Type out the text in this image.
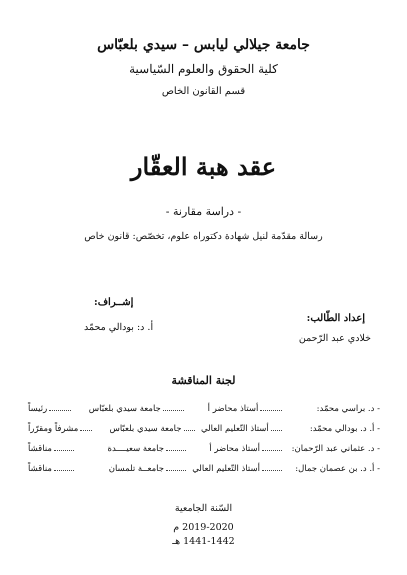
جامعة جيلالي ليابس – سيدي بلعبّاس
كلية الحقوق والعلوم السّياسية
قسم القانون الخاص
عقد هبة العقّار
- دراسة مقارنة -
رسالة مقدّمة لنيل شهادة دكتوراه علوم، تخصّص: قانون خاص
إعداد الطّالب:
خلادي عبد الرّحمن
إشــراف:
أ. د: بودالي محمّد
لجنة المناقشة
- د. براسي محمّد:
أستاذ محاضر أ
جامعة سيدي بلعبّاس
رئيساً
- أ. د. بودالي محمّد:
أستاذ التّعليم العالي
جامعة سيدي بلعبّاس
مشرفاً ومقرّراً
- د. عثماني عبد الرّحمان:
أستاذ محاضر أ
جامعة سعيــــدة
مناقشاً
- أ. د. بن عصمان جمال:
أستاذ التّعليم العالي
جامعــة تلمسان
مناقشاً
السّنة الجامعية
2019-2020 م
1441-1442 هـ
